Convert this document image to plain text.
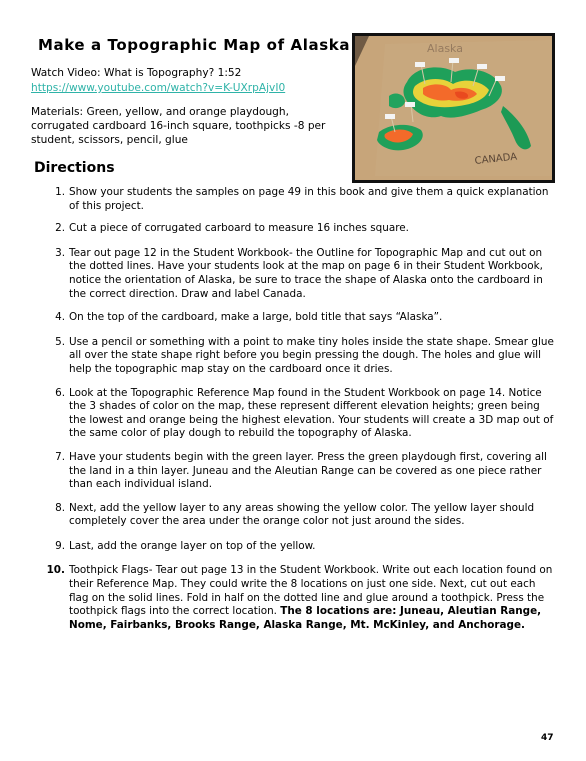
Make a Topographic Map of Alaska
Watch Video: What is Topography? 1:52
https://www.youtube.com/watch?v=K-UXrpAjvI0

Materials: Green, yellow, and orange playdough, corrugated cardboard 16-inch square, toothpicks -8 per student, scissors, pencil, glue

Alaska
CANADA
Directions
1. Show your students the samples on page 49 in this book and give them a quick explanation of this project.
2. Cut a piece of corrugated carboard to measure 16 inches square.
3. Tear out page 12 in the Student Workbook- the Outline for Topographic Map and cut out on the dotted lines. Have your students look at the map on page 6 in their Student Workbook, notice the orientation of Alaska, be sure to trace the shape of Alaska onto the cardboard in the correct direction. Draw and label Canada.
4. On the top of the cardboard, make a large, bold title that says “Alaska”.
5. Use a pencil or something with a point to make tiny holes inside the state shape. Smear glue all over the state shape right before you begin pressing the dough. The holes and glue will help the topographic map stay on the cardboard once it dries.
6. Look at the Topographic Reference Map found in the Student Workbook on page 14. Notice the 3 shades of color on the map, these represent different elevation heights; green being the lowest and orange being the highest elevation. Your students will create a 3D map out of the same color of play dough to rebuild the topography of Alaska.
7. Have your students begin with the green layer. Press the green playdough first, covering all the land in a thin layer. Juneau and the Aleutian Range can be covered as one piece rather than each individual island.
8. Next, add the yellow layer to any areas showing the yellow color. The yellow layer should completely cover the area under the orange color not just around the sides.
9. Last, add the orange layer on top of the yellow.
10. Toothpick Flags- Tear out page 13 in the Student Workbook. Write out each location found on their Reference Map. They could write the 8 locations on just one side. Next, cut out each flag on the solid lines. Fold in half on the dotted line and glue around a toothpick. Press the toothpick flags into the correct location. The 8 locations are: Juneau, Aleutian Range, Nome, Fairbanks, Brooks Range, Alaska Range, Mt. McKinley, and Anchorage.
47
